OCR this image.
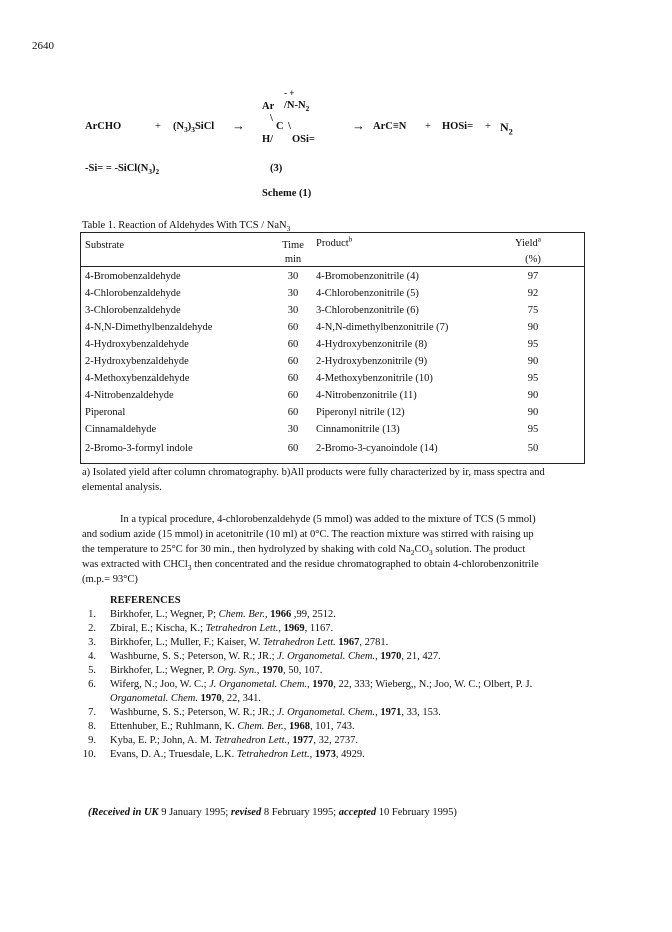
2640
ArCHO	+ $(N_3)_3SiCl$ →
- +
Ar $/N-N_2$
\
C \
H/ OSi=
→ ArC≡N + HOSi= + $N_2$
$-Si= = -SiCl(N_3)_2$	(3)
Scheme (1)
Table 1. Reaction of Aldehydes With TCS / NaN$_3$
Substrate	Time
min
Product$^b$	Yield$^a$
(%)
4-Bromobenzaldehyde	30	4-Bromobenzonitrile (4)	97
4-Chlorobenzaldehyde	30	4-Chlorobenzonitrile (5)	92
3-Chlorobenzaldehyde	30	3-Chlorobenzonitrile (6)	75
4-N,N-Dimethylbenzaldehyde	60	4-N,N-dimethylbenzonitrile (7)	90
4-Hydroxybenzaldehyde	60	4-Hydroxybenzonitrile (8)	95
2-Hydroxybenzaldehyde	60	2-Hydroxybenzonitrile (9)	90
4-Methoxybenzaldehyde	60	4-Methoxybenzonitrile (10)	95
4-Nitrobenzaldehyde	60	4-Nitrobenzonitrile (11)	90
Piperonal	60	Piperonyl nitrile (12)	90
Cinnamaldehyde	30	Cinnamonitrile (13)	95
2-Bromo-3-formyl indole	60	2-Bromo-3-cyanoindole (14)	50
a) Isolated yield after column chromatography. b)All products were fully characterized by ir, mass spectra and
elemental analysis.
In a typical procedure, 4-chlorobenzaldehyde (5 mmol) was added to the mixture of TCS (5 mmol)
and sodium azide (15 mmol) in acetonitrile (10 ml) at 0°C. The reaction mixture was stirred with raising up
the temperature to 25°C for 30 min., then hydrolyzed by shaking with cold $Na_2CO_3$ solution. The product
was extracted with CHCl$_3$ then concentrated and the residue chromatographed to obtain 4-chlorobenzonitrile
(m.p.= 93°C)
REFERENCES
1. Birkhofer, L.; Wegner, P; Chem. Ber., 1966 ,99, 2512.
2. Zbiral, E.; Kischa, K.; Tetrahedron Lett., 1969, 1167.
3. Birkhofer, L.; Muller, F.; Kaiser, W. Tetrahedron Lett. 1967, 2781.
4. Washburne, S. S.; Peterson, W. R.; JR.; J. Organometal. Chem., 1970, 21, 427.
5. Birkhofer, L.; Wegner, P. Org. Syn., 1970, 50, 107.
6. Wiferg, N.; Joo, W. C.; J. Organometal. Chem., 1970, 22, 333; Wieberg,, N.; Joo, W. C.; Olbert, P. J.
Organometal. Chem. 1970, 22, 341.
7. Washburne, S. S.; Peterson, W. R.; JR.; J. Organometal. Chem., 1971, 33, 153.
8. Ettenhuber, E.; Ruhlmann, K. Chem. Ber., 1968, 101, 743.
9. Kyba, E. P.; John, A. M. Tetrahedron Lett., 1977, 32, 2737.
10. Evans, D. A.; Truesdale, L.K. Tetrahedron Lett., 1973, 4929.
(Received in UK 9 January 1995; revised 8 February 1995; accepted 10 February 1995)
